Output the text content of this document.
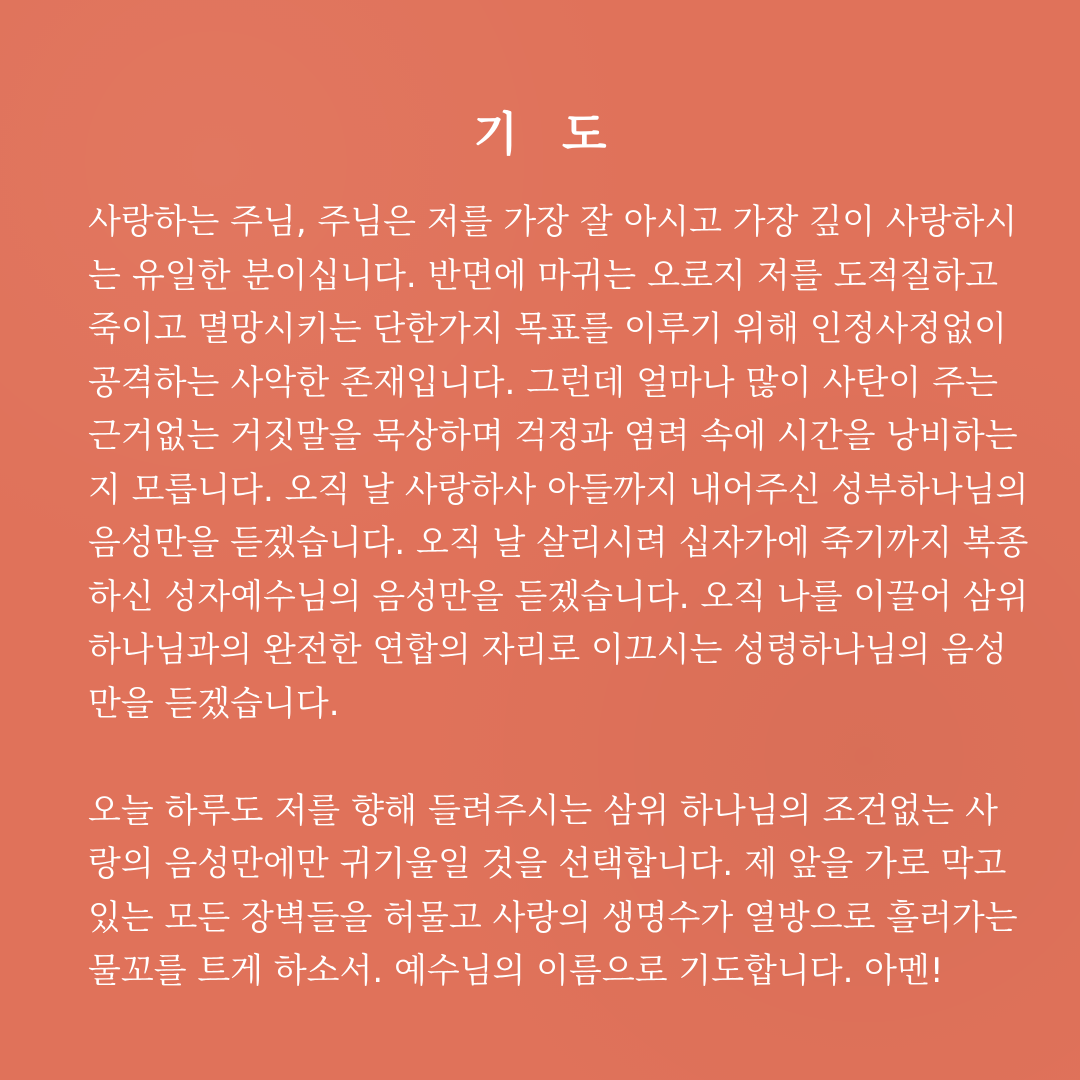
기 도
사랑하는 주님, 주님은 저를 가장 잘 아시고 가장 깊이 사랑하시
는 유일한 분이십니다. 반면에 마귀는 오로지 저를 도적질하고
죽이고 멸망시키는 단한가지 목표를 이루기 위해 인정사정없이
공격하는 사악한 존재입니다. 그런데 얼마나 많이 사탄이 주는
근거없는 거짓말을 묵상하며 걱정과 염려 속에 시간을 낭비하는
지 모릅니다. 오직 날 사랑하사 아들까지 내어주신 성부하나님의
음성만을 듣겠습니다. 오직 날 살리시려 십자가에 죽기까지 복종
하신 성자예수님의 음성만을 듣겠습니다. 오직 나를 이끌어 삼위
하나님과의 완전한 연합의 자리로 이끄시는 성령하나님의 음성
만을 듣겠습니다.
오늘 하루도 저를 향해 들려주시는 삼위 하나님의 조건없는 사
랑의 음성만에만 귀기울일 것을 선택합니다. 제 앞을 가로 막고
있는 모든 장벽들을 허물고 사랑의 생명수가 열방으로 흘러가는
물꼬를 트게 하소서. 예수님의 이름으로 기도합니다. 아멘!
